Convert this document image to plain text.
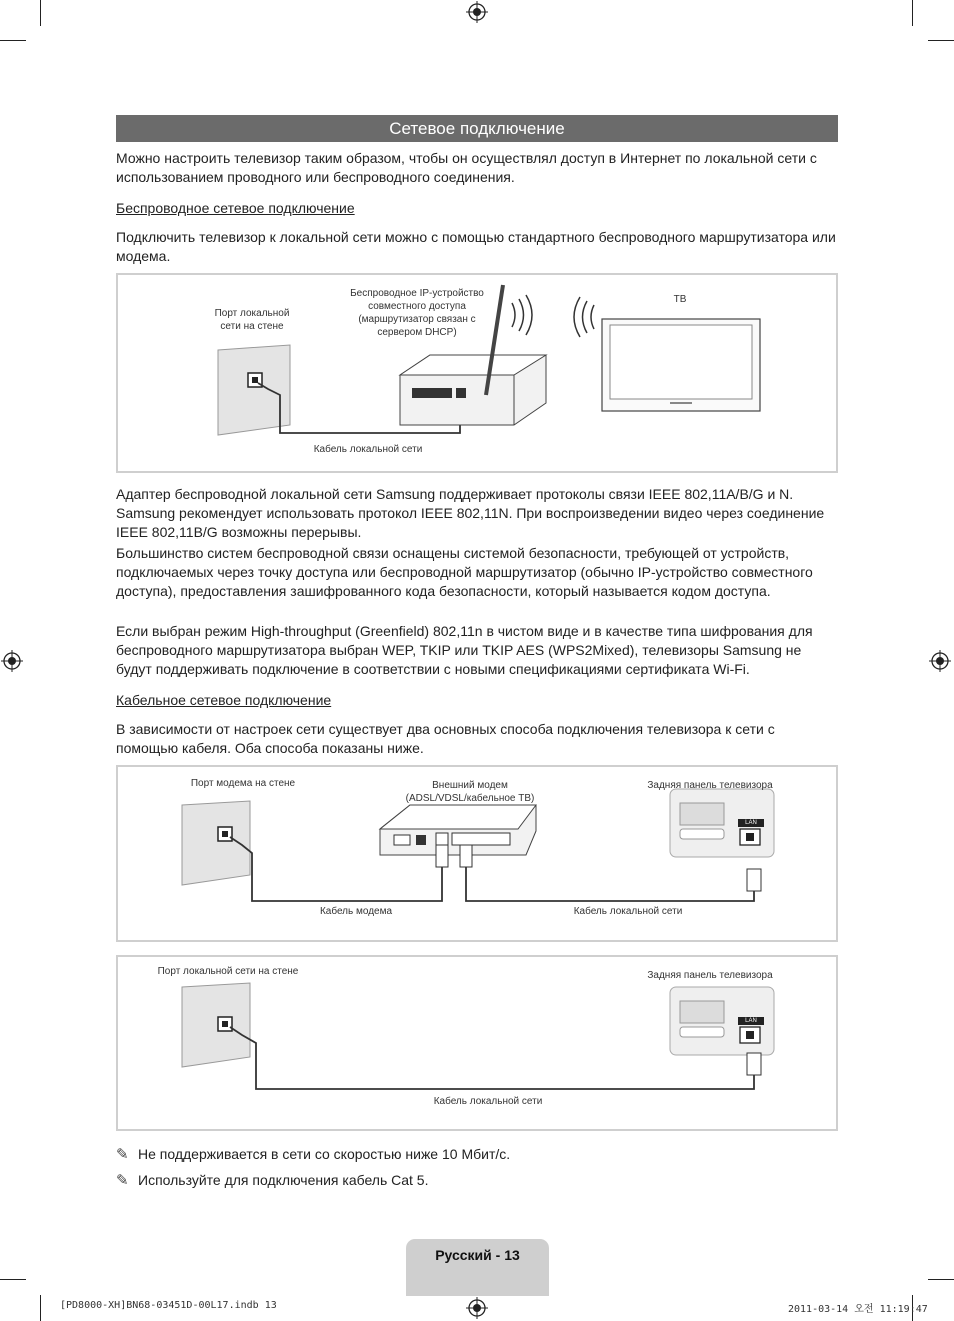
Сетевое подключение

Можно настроить телевизор таким образом, чтобы он осуществлял доступ в Интернет по локальной сети с использованием проводного или беспроводного соединения.

Беспроводное сетевое подключение

Подключить телевизор к локальной сети можно с помощью стандартного беспроводного маршрутизатора или модема.

Порт локальной
сети на стене
Беспроводное IP-устройство
совместного доступа
(маршрутизатор связан с
сервером DHCP)
ТВ
Кабель локальной сети

Адаптер беспроводной локальной сети Samsung поддерживает протоколы связи IEEE 802,11A/B/G и N. Samsung рекомендует использовать протокол IEEE 802,11N. При воспроизведении видео через соединение IEEE 802,11B/G возможны перерывы.

Большинство систем беспроводной связи оснащены системой безопасности, требующей от устройств, подключаемых через точку доступа или беспроводной маршрутизатор (обычно IP-устройство совместного доступа), предоставления зашифрованного кода безопасности, который называется кодом доступа.

Если выбран режим High-throughput (Greenfield) 802,11n в чистом виде и в качестве типа шифрования для беспроводного маршрутизатора выбран WEP, TKIP или TKIP AES (WPS2Mixed), телевизоры Samsung не будут поддерживать подключение в соответствии с новыми спецификациями сертификата Wi-Fi.

Кабельное сетевое подключение

В зависимости от настроек сети существует два основных способа подключения телевизора к сети с помощью кабеля. Оба способа показаны ниже.

Порт модема на стене	Внешний модем
(ADSL/VDSL/кабельное ТВ)
Задняя панель телевизора
LAN
Кабель модема	Кабель локальной сети
Порт локальной сети на стене	Задняя панель телевизора
LAN
Кабель локальной сети
✎ Не поддерживается в сети со скоростью ниже 10 Мбит/с.
✎ Используйте для подключения кабель Cat 5.
Русский - 13
[PD8000-XH]BN68-03451D-00L17.indb 13	2011-03-14 오전 11:19:47
